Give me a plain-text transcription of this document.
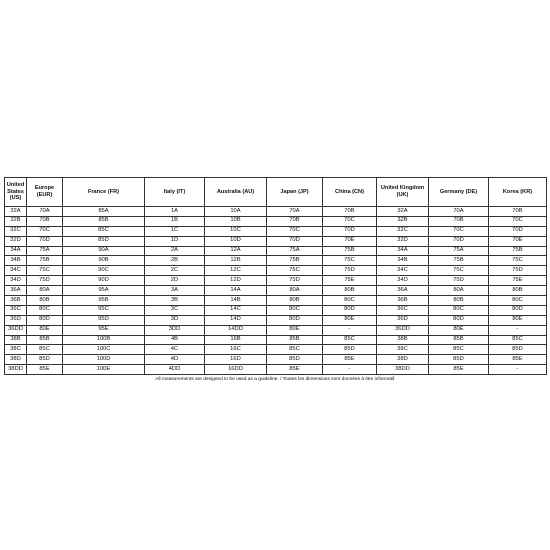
United States (US)	Europe (EUR)	France (FR)	Italy (IT)	Australia (AU)	Japan (JP)	China (CN)	United Kingdom (UK)	Germany (DE)	Korea (KR)
32A	70A	85A	1A	10A	70A	70B	32A	70A	70B
32B	70B	85B	1B	10B	70B	70C	32B	70B	70C
32C	70C	85C	1C	10C	70C	70D	32C	70C	70D
32D	70D	85D	1D	10D	70D	70E	32D	70D	70E
34A	75A	90A	2A	12A	75A	75B	34A	75A	75B
34B	75B	90B	2B	12B	75B	75C	34B	75B	75C
34C	75C	90C	2C	12C	75C	75D	34C	75C	75D
34D	75D	90D	2D	12D	75D	75E	34D	75D	75E
36A	80A	95A	3A	14A	80A	80B	36A	80A	80B
36B	80B	95B	3B	14B	80B	80C	36B	80B	80C
36C	80C	95C	3C	14C	80C	80D	36C	80C	80D
36D	80D	95D	3D	14D	80D	80E	36D	80D	80E
36DD	80E	95E	3DD	14DD	80E	-	36DD	80E	-
38B	85B	100B	4B	16B	85B	85C	38B	85B	85C
38C	85C	100C	4C	16C	85C	85D	38C	85C	85D
38D	85D	100D	4D	16D	85D	85E	38D	85D	85E
38DD	85E	100E	4DD	16DD	85E	-	38DD	85E	-
All measurements are designed to be used as a guideline. / Toutes les dimensions sont données à titre informatif.									
